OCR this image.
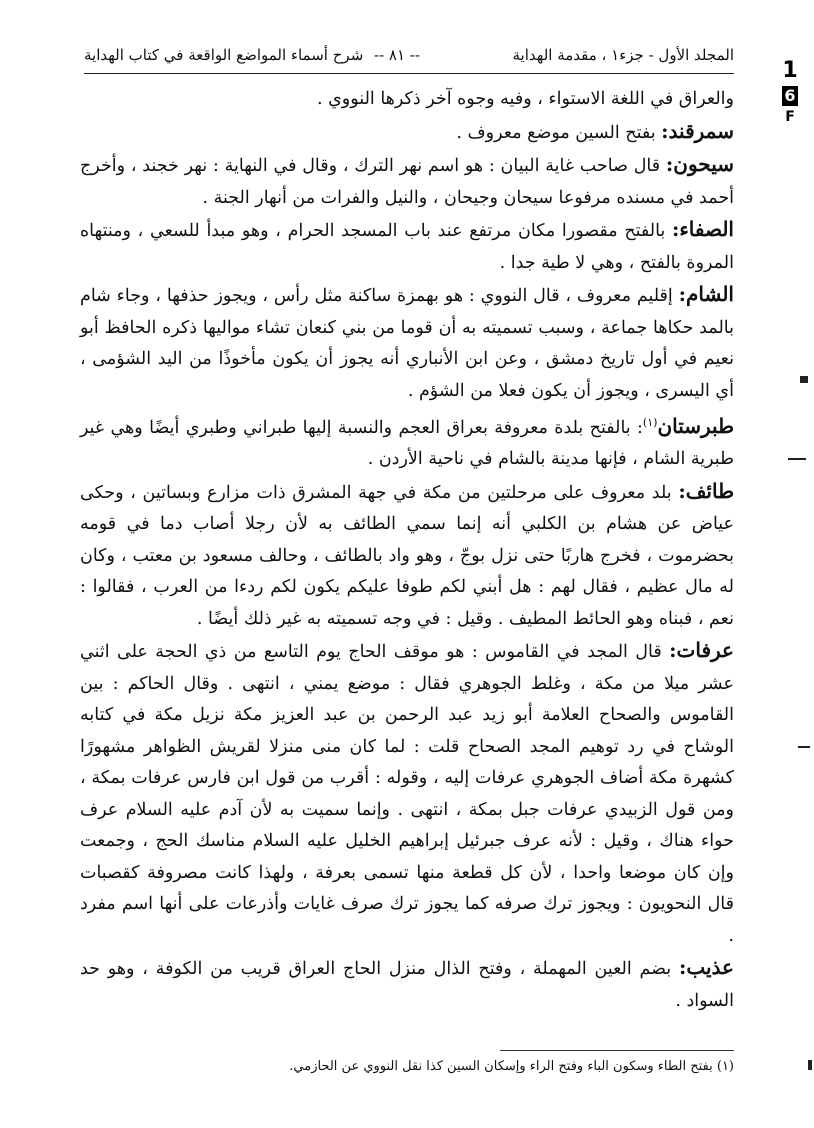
المجلد الأول - جزء١ ، مقدمة الهداية
-- ٨١ --
شرح أسماء المواضع الواقعة في كتاب الهداية
1
6
F

والعراق في اللغة الاستواء ، وفيه وجوه آخر ذكرها النووي .

سمرقند: بفتح السين موضع معروف .

سيحون: قال صاحب غاية البيان : هو اسم نهر الترك ، وقال في النهاية : نهر خجند ، وأخرج أحمد في مسنده مرفوعا سيحان وجيحان ، والنيل والفرات من أنهار الجنة .

الصفاء: بالفتح مقصورا مكان مرتفع عند باب المسجد الحرام ، وهو مبدأ للسعي ، ومنتهاه المروة بالفتح ، وهي لا طية جدا .

الشام: إقليم معروف ، قال النووي : هو بهمزة ساكنة مثل رأس ، ويجوز حذفها ، وجاء شام بالمد حكاها جماعة ، وسبب تسميته به أن قوما من بني كنعان تشاء مواليها ذكره الحافظ أبو نعيم في أول تاريخ دمشق ، وعن ابن الأنباري أنه يجوز أن يكون مأخوذًا من اليد الشؤمى ، أي اليسرى ، ويجوز أن يكون فعلا من الشؤم .

طبرستان$^{(١)}$: بالفتح بلدة معروفة بعراق العجم والنسبة إليها طبراني وطبري أيضًا وهي غير طبرية الشام ، فإنها مدينة بالشام في ناحية الأردن .

طائف: بلد معروف على مرحلتين من مكة في جهة المشرق ذات مزارع وبساتين ، وحكى عياض عن هشام بن الكلبي أنه إنما سمي الطائف به لأن رجلا أصاب دما في قومه بحضرموت ، فخرج هاربًا حتى نزل بوجّ ، وهو واد بالطائف ، وحالف مسعود بن معتب ، وكان له مال عظيم ، فقال لهم : هل أبني لكم طوفا عليكم يكون لكم ردءا من العرب ، فقالوا : نعم ، فبناه وهو الحائط المطيف . وقيل : في وجه تسميته به غير ذلك أيضًا .

عرفات: قال المجد في القاموس : هو موقف الحاج يوم التاسع من ذي الحجة على اثني عشر ميلا من مكة ، وغلط الجوهري فقال : موضع يمني ، انتهى . وقال الحاكم : بين القاموس والصحاح العلامة أبو زيد عبد الرحمن بن عبد العزيز مكة نزيل مكة في كتابه الوشاح في رد توهيم المجد الصحاح قلت : لما كان منى منزلا لقريش الظواهر مشهورًا كشهرة مكة أضاف الجوهري عرفات إليه ، وقوله : أقرب من قول ابن فارس عرفات بمكة ، ومن قول الزبيدي عرفات جبل بمكة ، انتهى . وإنما سميت به لأن آدم عليه السلام عرف حواء هناك ، وقيل : لأنه عرف جبرئيل إبراهيم الخليل عليه السلام مناسك الحج ، وجمعت وإن كان موضعا واحدا ، لأن كل قطعة منها تسمى بعرفة ، ولهذا كانت مصروفة كقصبات قال النحويون : ويجوز ترك صرفه كما يجوز ترك صرف غايات وأذرعات على أنها اسم مفرد .

عذيب: بضم العين المهملة ، وفتح الذال منزل الحاج العراق قريب من الكوفة ، وهو حد السواد .

(١) بفتح الطاء وسكون الباء وفتح الراء وإسكان السين كذا نقل النووي عن الحازمي.
